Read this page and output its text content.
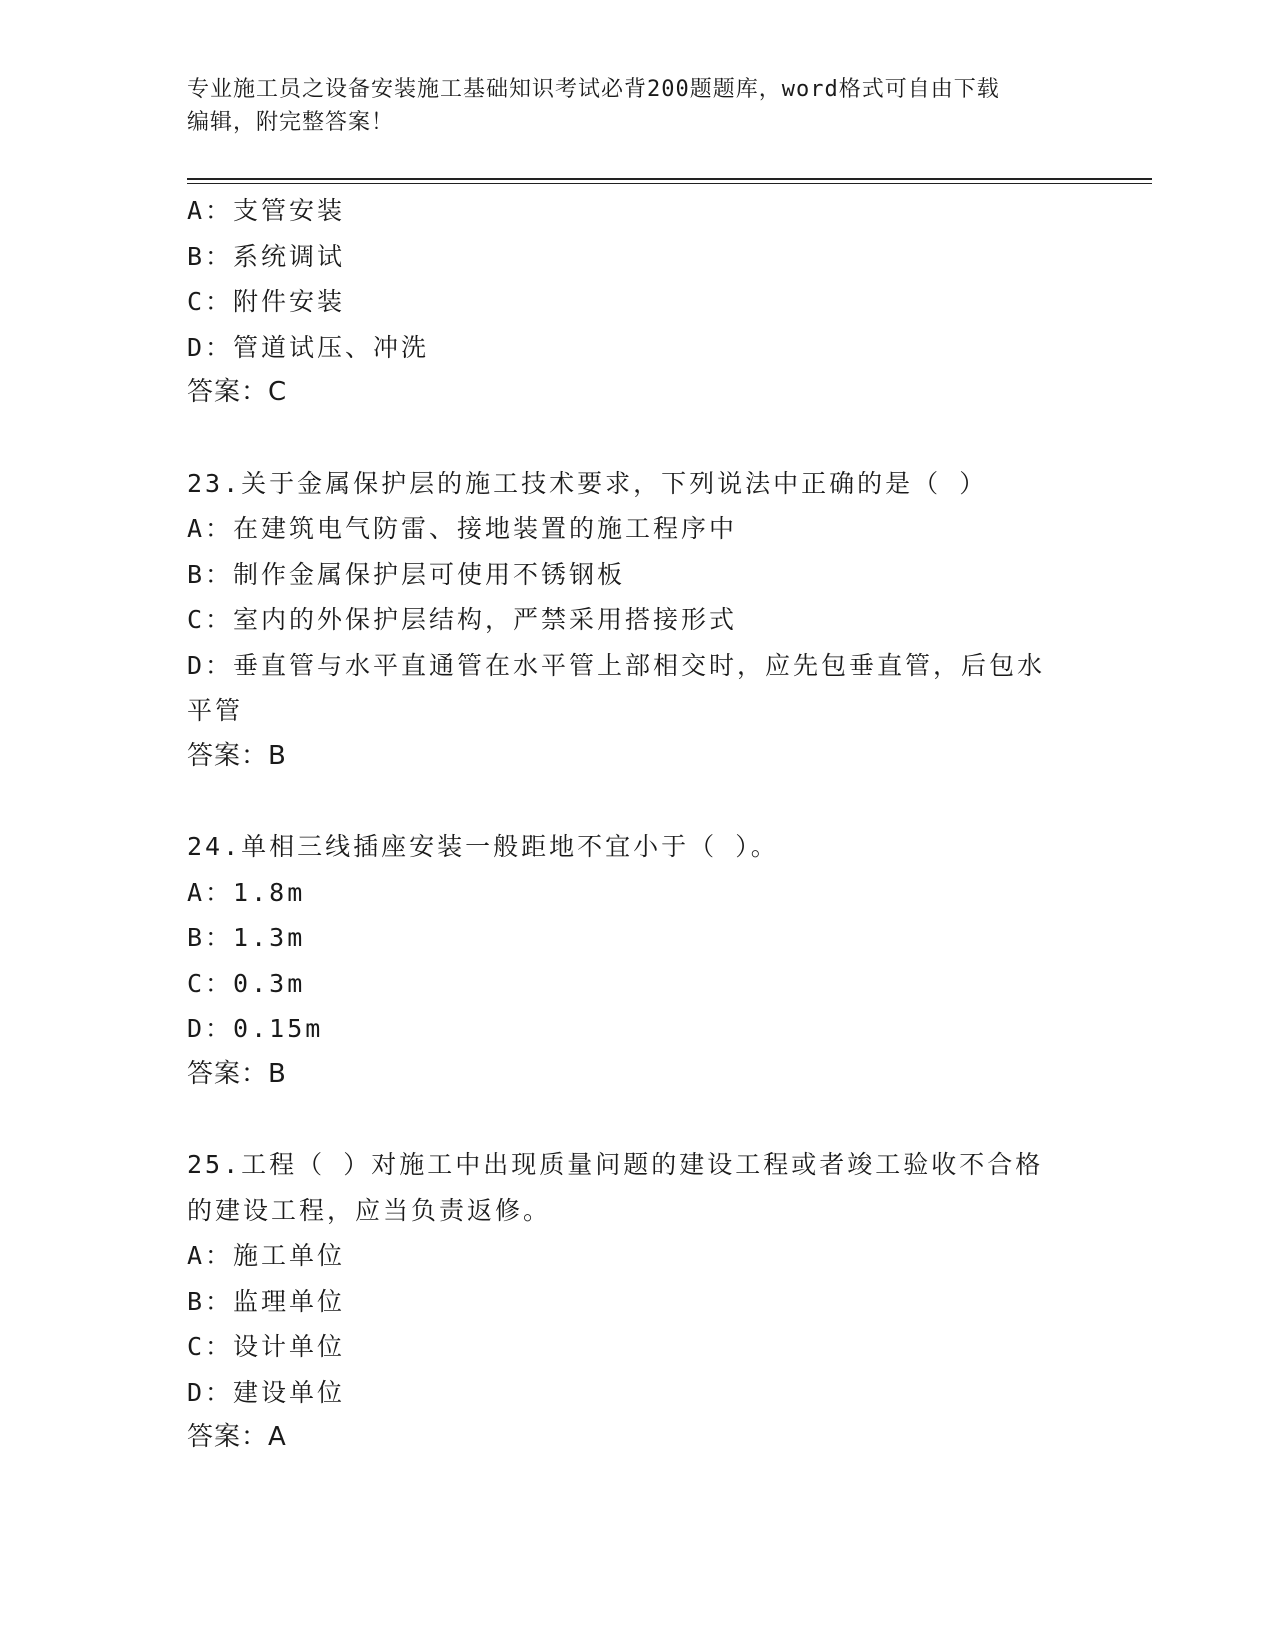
专业施工员之设备安装施工基础知识考试必背200题题库，word格式可自由下载
编辑，附完整答案！
A：支管安装
B：系统调试
C：附件安装
D：管道试压、冲洗
答案：C
23.关于金属保护层的施工技术要求，下列说法中正确的是（ ）
A：在建筑电气防雷、接地装置的施工程序中
B：制作金属保护层可使用不锈钢板
C：室内的外保护层结构，严禁采用搭接形式
D：垂直管与水平直通管在水平管上部相交时，应先包垂直管，后包水
平管
答案：B
24.单相三线插座安装一般距地不宜小于（ ）。
A：1.8m
B：1.3m
C：0.3m
D：0.15m
答案：B
25.工程（ ）对施工中出现质量问题的建设工程或者竣工验收不合格
的建设工程，应当负责返修。
A：施工单位
B：监理单位
C：设计单位
D：建设单位
答案：A
